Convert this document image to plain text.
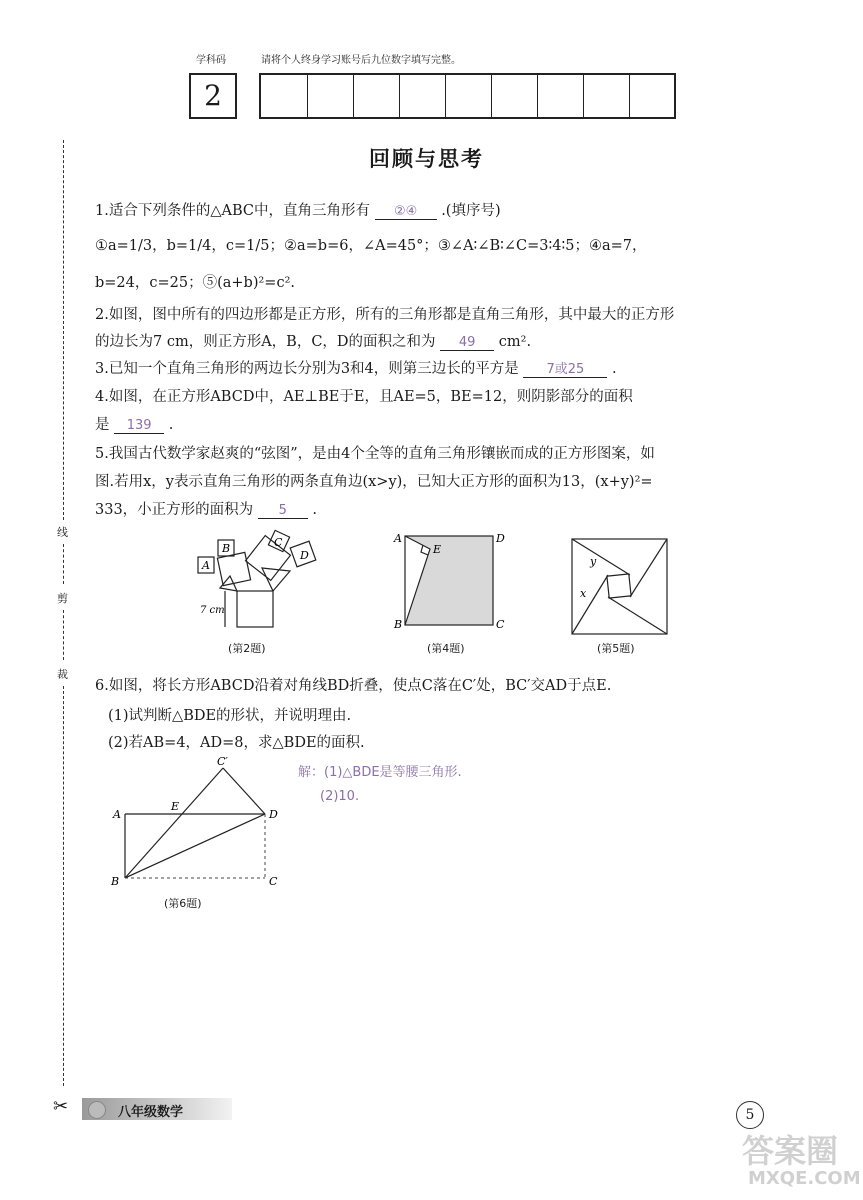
学科码	请将个人终身学习账号后九位数字填写完整。
2
回顾与思考
线
剪
裁
✂
1.适合下列条件的△ABC中，直角三角形有 ②④ .(填序号)
①a=1/3，b=1/4，c=1/5；②a=b=6，∠A=45°；③∠A∶∠B∶∠C=3∶4∶5；④a=7，
b=24，c=25；⑤(a+b)²=c².
2.如图，图中所有的四边形都是正方形，所有的三角形都是直角三角形，其中最大的正方形
的边长为7 cm，则正方形A，B，C，D的面积之和为 49 cm².
3.已知一个直角三角形的两边长分别为3和4，则第三边长的平方是 7或25 .
4.如图，在正方形ABCD中，AE⊥BE于E，且AE=5，BE=12，则阴影部分的面积
是 139 .
5.我国古代数学家赵爽的“弦图”，是由4个全等的直角三角形镶嵌而成的正方形图案，如
图.若用x，y表示直角三角形的两条直角边(x>y)，已知大正方形的面积为13，(x+y)²=
333，小正方形的面积为 5 .
A
B	C
D
7 cm
(第2题)
A	D
E
B	C
(第4题)
y
x
(第5题)
6.如图，将长方形ABCD沿着对角线BD折叠，使点C落在C′处，BC′交AD于点E.
(1)试判断△BDE的形状，并说明理由.
(2)若AB=4，AD=8，求△BDE的面积.
解：(1)△BDE是等腰三角形.
(2)10.
C′
A
E
D
B	C
(第6题)
八年级数学	5
答案圈
MXQE.COM
